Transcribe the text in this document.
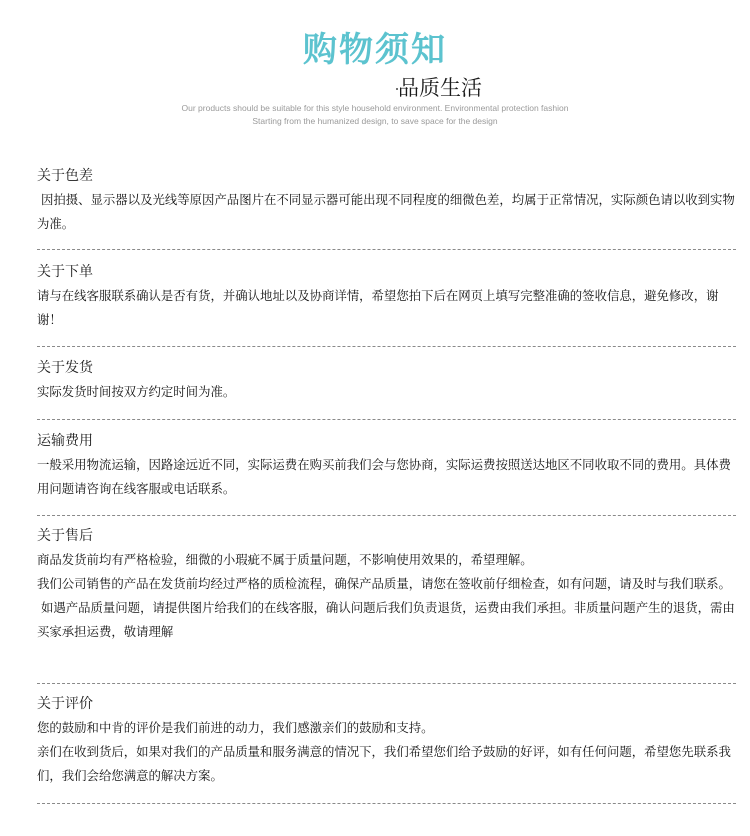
购物须知
品质生活
Our products should be suitable for this style household environment. Environmental protection fashion
Starting from the humanized design, to save space for the design
关于色差
因拍摄、显示器以及光线等原因产品图片在不同显示器可能出现不同程度的细微色差，均属于正常情况，实际颜色请以收到实物为准。
关于下单
请与在线客服联系确认是否有货，并确认地址以及协商详情，希望您拍下后在网页上填写完整准确的签收信息，避免修改，谢谢！
关于发货
实际发货时间按双方约定时间为准。
运输费用
一般采用物流运输，因路途远近不同，实际运费在购买前我们会与您协商，实际运费按照送达地区不同收取不同的费用。具体费用问题请咨询在线客服或电话联系。
关于售后
商品发货前均有严格检验，细微的小瑕疵不属于质量问题，不影响使用效果的，希望理解。
我们公司销售的产品在发货前均经过严格的质检流程，确保产品质量，请您在签收前仔细检查，如有问题，请及时与我们联系。
如遇产品质量问题，请提供图片给我们的在线客服，确认问题后我们负责退货，运费由我们承担。非质量问题产生的退货，需由买家承担运费，敬请理解
关于评价
您的鼓励和中肯的评价是我们前进的动力，我们感激亲们的鼓励和支持。
亲们在收到货后，如果对我们的产品质量和服务满意的情况下，我们希望您们给予鼓励的好评，如有任何问题，希望您先联系我们，我们会给您满意的解决方案。
